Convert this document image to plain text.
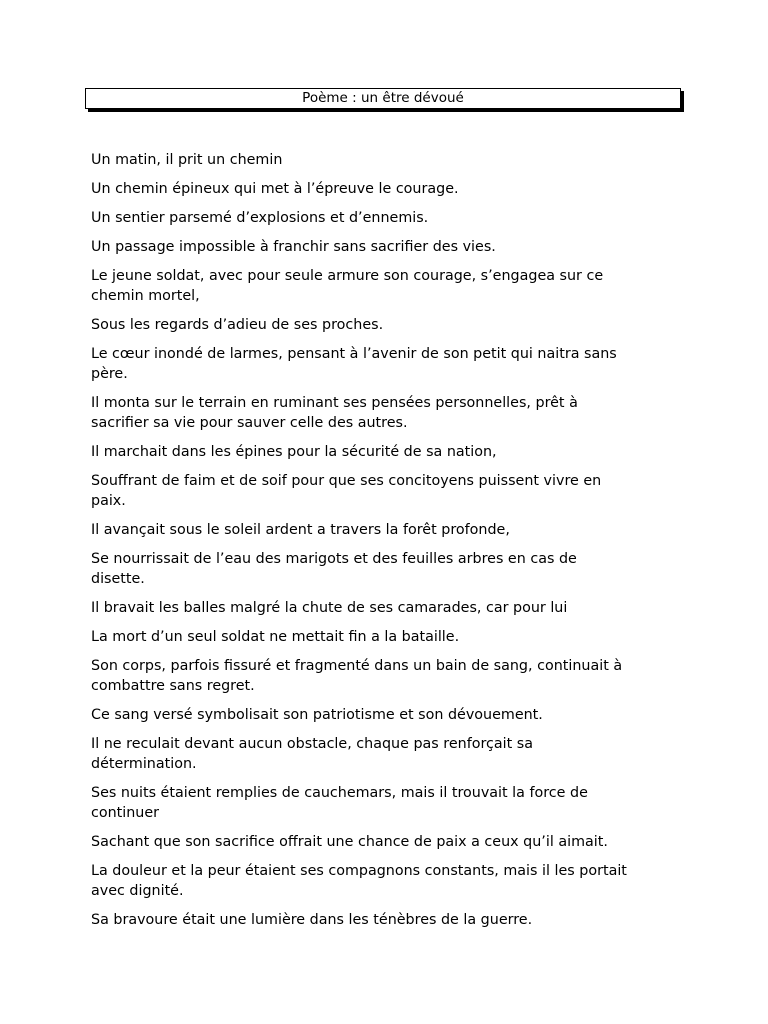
Poème : un être dévoué

Un matin, il prit un chemin

Un chemin épineux qui met à l’épreuve le courage.

Un sentier parsemé d’explosions et d’ennemis.

Un passage impossible à franchir sans sacrifier des vies.

Le jeune soldat, avec pour seule armure son courage, s’engagea sur ce
chemin mortel,

Sous les regards d’adieu de ses proches.

Le cœur inondé de larmes, pensant à l’avenir de son petit qui naitra sans
père.

Il monta sur le terrain en ruminant ses pensées personnelles, prêt à
sacrifier sa vie pour sauver celle des autres.

Il marchait dans les épines pour la sécurité de sa nation,

Souffrant de faim et de soif pour que ses concitoyens puissent vivre en
paix.

Il avançait sous le soleil ardent a travers la forêt profonde,

Se nourrissait de l’eau des marigots et des feuilles arbres en cas de
disette.

Il bravait les balles malgré la chute de ses camarades, car pour lui

La mort d’un seul soldat ne mettait fin a la bataille.

Son corps, parfois fissuré et fragmenté dans un bain de sang, continuait à
combattre sans regret.

Ce sang versé symbolisait son patriotisme et son dévouement.

Il ne reculait devant aucun obstacle, chaque pas renforçait sa
détermination.

Ses nuits étaient remplies de cauchemars, mais il trouvait la force de
continuer

Sachant que son sacrifice offrait une chance de paix a ceux qu’il aimait.

La douleur et la peur étaient ses compagnons constants, mais il les portait
avec dignité.

Sa bravoure était une lumière dans les ténèbres de la guerre.
